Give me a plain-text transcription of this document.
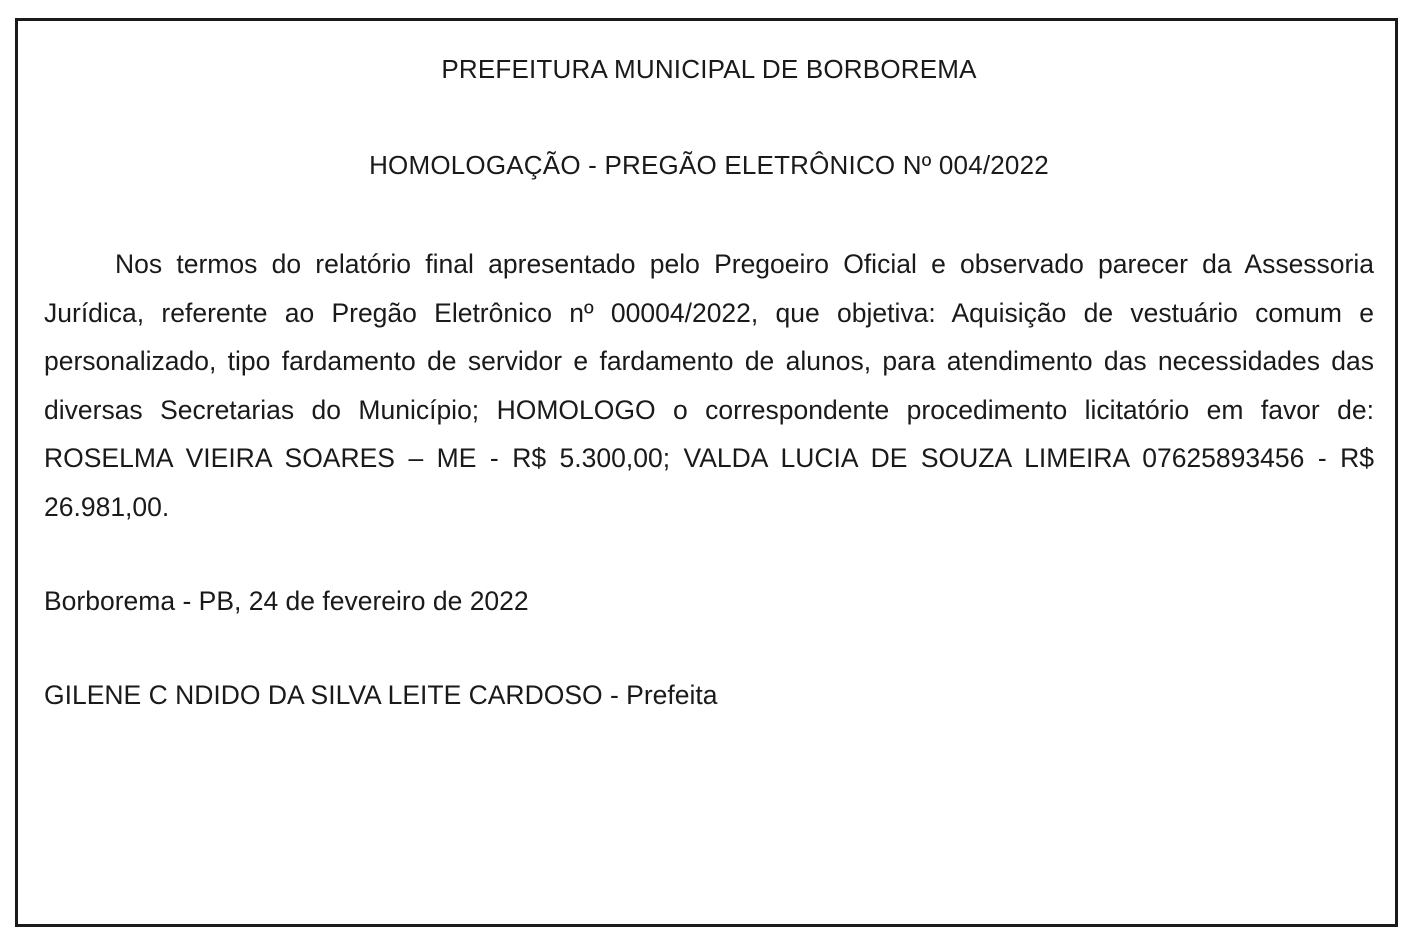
PREFEITURA MUNICIPAL DE BORBOREMA

HOMOLOGAÇÃO - PREGÃO ELETRÔNICO Nº 004/2022

Nos termos do relatório final apresentado pelo Pregoeiro Oficial e observado parecer da Assessoria Jurídica, referente ao Pregão Eletrônico nº 00004/2022, que objetiva: Aquisição de vestuário comum e personalizado, tipo fardamento de servidor e fardamento de alunos, para atendimento das necessidades das diversas Secretarias do Município; HOMOLOGO o correspondente procedimento licitatório em favor de: ROSELMA VIEIRA SOARES – ME - R$ 5.300,00; VALDA LUCIA DE SOUZA LIMEIRA 07625893456 - R$ 26.981,00.

Borborema - PB, 24 de fevereiro de 2022

GILENE C NDIDO DA SILVA LEITE CARDOSO - Prefeita
